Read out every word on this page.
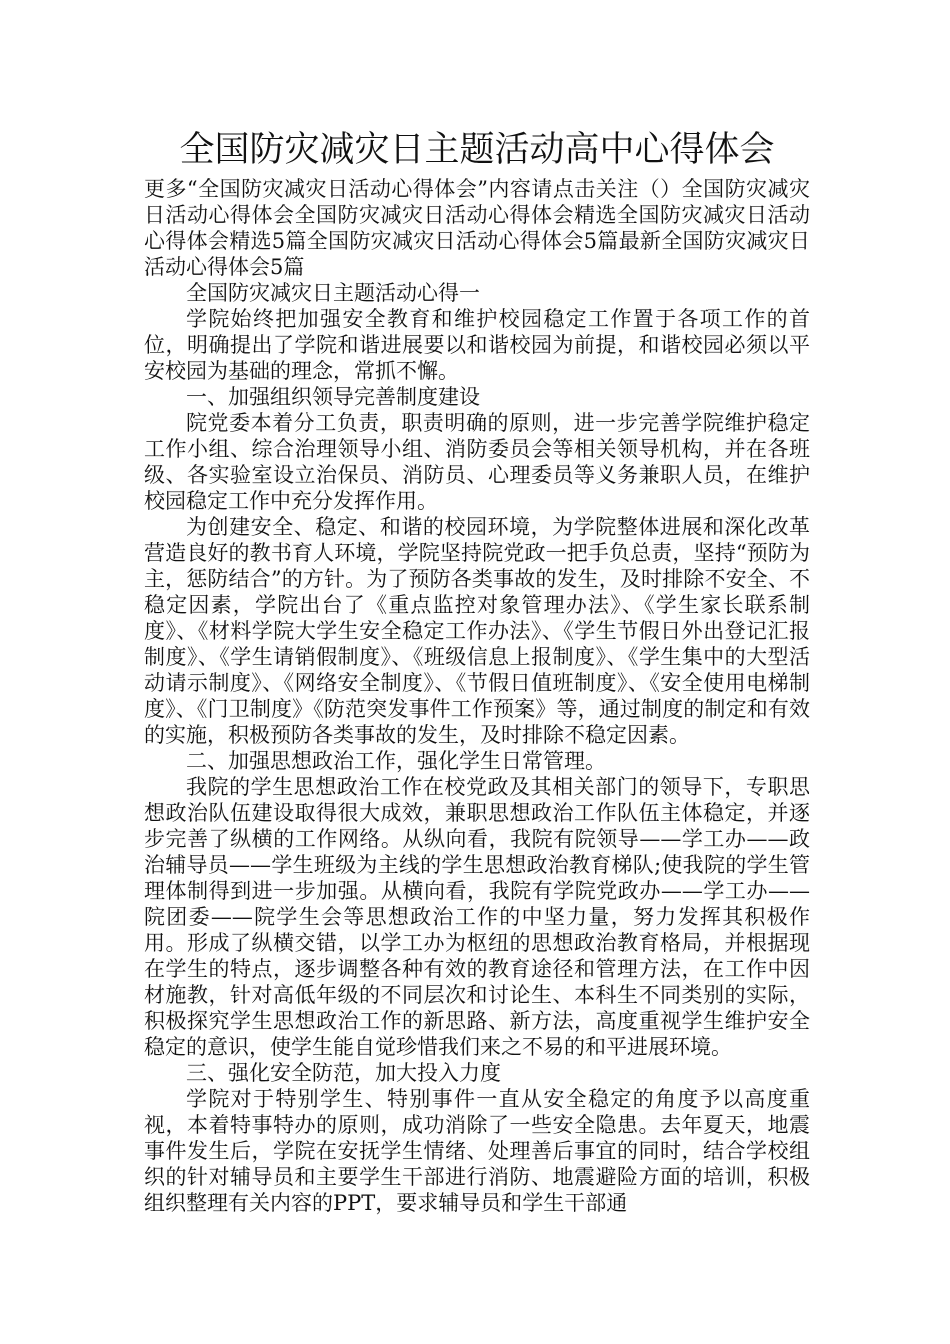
全国防灾减灾日主题活动高中心得体会

更多“全国防灾减灾日活动心得体会”内容请点击关注（）全国防灾减灾日活动心得体会全国防灾减灾日活动心得体会精选全国防灾减灾日活动心得体会精选5篇全国防灾减灾日活动心得体会5篇最新全国防灾减灾日活动心得体会5篇

全国防灾减灾日主题活动心得一

学院始终把加强安全教育和维护校园稳定工作置于各项工作的首位，明确提出了学院和谐进展要以和谐校园为前提，和谐校园必须以平安校园为基础的理念，常抓不懈。

一、加强组织领导完善制度建设

院党委本着分工负责，职责明确的原则，进一步完善学院维护稳定工作小组、综合治理领导小组、消防委员会等相关领导机构，并在各班级、各实验室设立治保员、消防员、心理委员等义务兼职人员，在维护校园稳定工作中充分发挥作用。

为创建安全、稳定、和谐的校园环境，为学院整体进展和深化改革营造良好的教书育人环境，学院坚持院党政一把手负总责，坚持“预防为主，惩防结合”的方针。为了预防各类事故的发生，及时排除不安全、不稳定因素，学院出台了《重点监控对象管理办法》、《学生家长联系制度》、《材料学院大学生安全稳定工作办法》、《学生节假日外出登记汇报制度》、《学生请销假制度》、《班级信息上报制度》、《学生集中的大型活动请示制度》、《网络安全制度》、《节假日值班制度》、《安全使用电梯制度》、《门卫制度》《防范突发事件工作预案》等，通过制度的制定和有效的实施，积极预防各类事故的发生，及时排除不稳定因素。

二、加强思想政治工作，强化学生日常管理。

我院的学生思想政治工作在校党政及其相关部门的领导下，专职思想政治队伍建设取得很大成效，兼职思想政治工作队伍主体稳定，并逐步完善了纵横的工作网络。从纵向看，我院有院领导——学工办——政治辅导员——学生班级为主线的学生思想政治教育梯队;使我院的学生管理体制得到进一步加强。从横向看，我院有学院党政办——学工办——院团委——院学生会等思想政治工作的中坚力量，努力发挥其积极作用。形成了纵横交错，以学工办为枢纽的思想政治教育格局，并根据现在学生的特点，逐步调整各种有效的教育途径和管理方法，在工作中因材施教，针对高低年级的不同层次和讨论生、本科生不同类别的实际，积极探究学生思想政治工作的新思路、新方法，高度重视学生维护安全稳定的意识，使学生能自觉珍惜我们来之不易的和平进展环境。

三、强化安全防范，加大投入力度

学院对于特别学生、特别事件一直从安全稳定的角度予以高度重视，本着特事特办的原则，成功消除了一些安全隐患。去年夏天，地震事件发生后，学院在安抚学生情绪、处理善后事宜的同时，结合学校组织的针对辅导员和主要学生干部进行消防、地震避险方面的培训，积极组织整理有关内容的PPT，要求辅导员和学生干部通
